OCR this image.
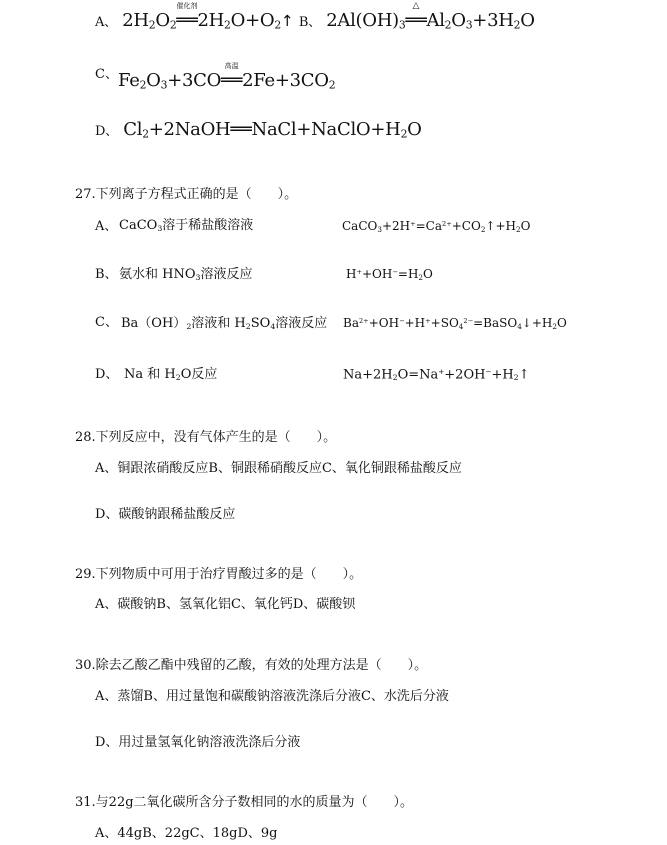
A、 $2H_2O_2$
催化剂
$══2H_2O+O_2↑$ B、 $2Al(OH)_3$
△
$══Al_2O_3+3H_2O$
C、 $Fe_2O_3+3CO$
高温
$══2Fe+3CO_2$
D、 $Cl_2+2NaOH══NaCl+NaClO+H_2O$
27.下列离子方程式正确的是（　　）。
A、 CaCO$_3$溶于稀盐酸溶液	$CaCO_3+2H^+=Ca^{2+}+CO_2↑+H_2O$
B、 氨水和 $HNO_3$溶液反应	$H^++OH^-=H_2O$
C、 $Ba(OH)_2$溶液和 $H_2SO_4$溶液反应 $Ba^{2+}+OH^-+H^++SO_4^{2-}=BaSO_4↓+H_2O$
D、 Na 和 $H_2O$反应	$Na+2H_2O=Na^++2OH^-+H_2↑$
28.下列反应中，没有气体产生的是（　　）。
A、铜跟浓硝酸反应B、铜跟稀硝酸反应C、氧化铜跟稀盐酸反应
D、碳酸钠跟稀盐酸反应
29.下列物质中可用于治疗胃酸过多的是（　　）。
A、碳酸钠B、氢氧化铝C、氧化钙D、碳酸钡
30.除去乙酸乙酯中残留的乙酸，有效的处理方法是（　　）。
A、蒸馏B、用过量饱和碳酸钠溶液洗涤后分液C、水洗后分液
D、用过量氢氧化钠溶液洗涤后分液
31.与22g二氧化碳所含分子数相同的水的质量为（　　）。
A、44gB、22gC、18gD、9g
